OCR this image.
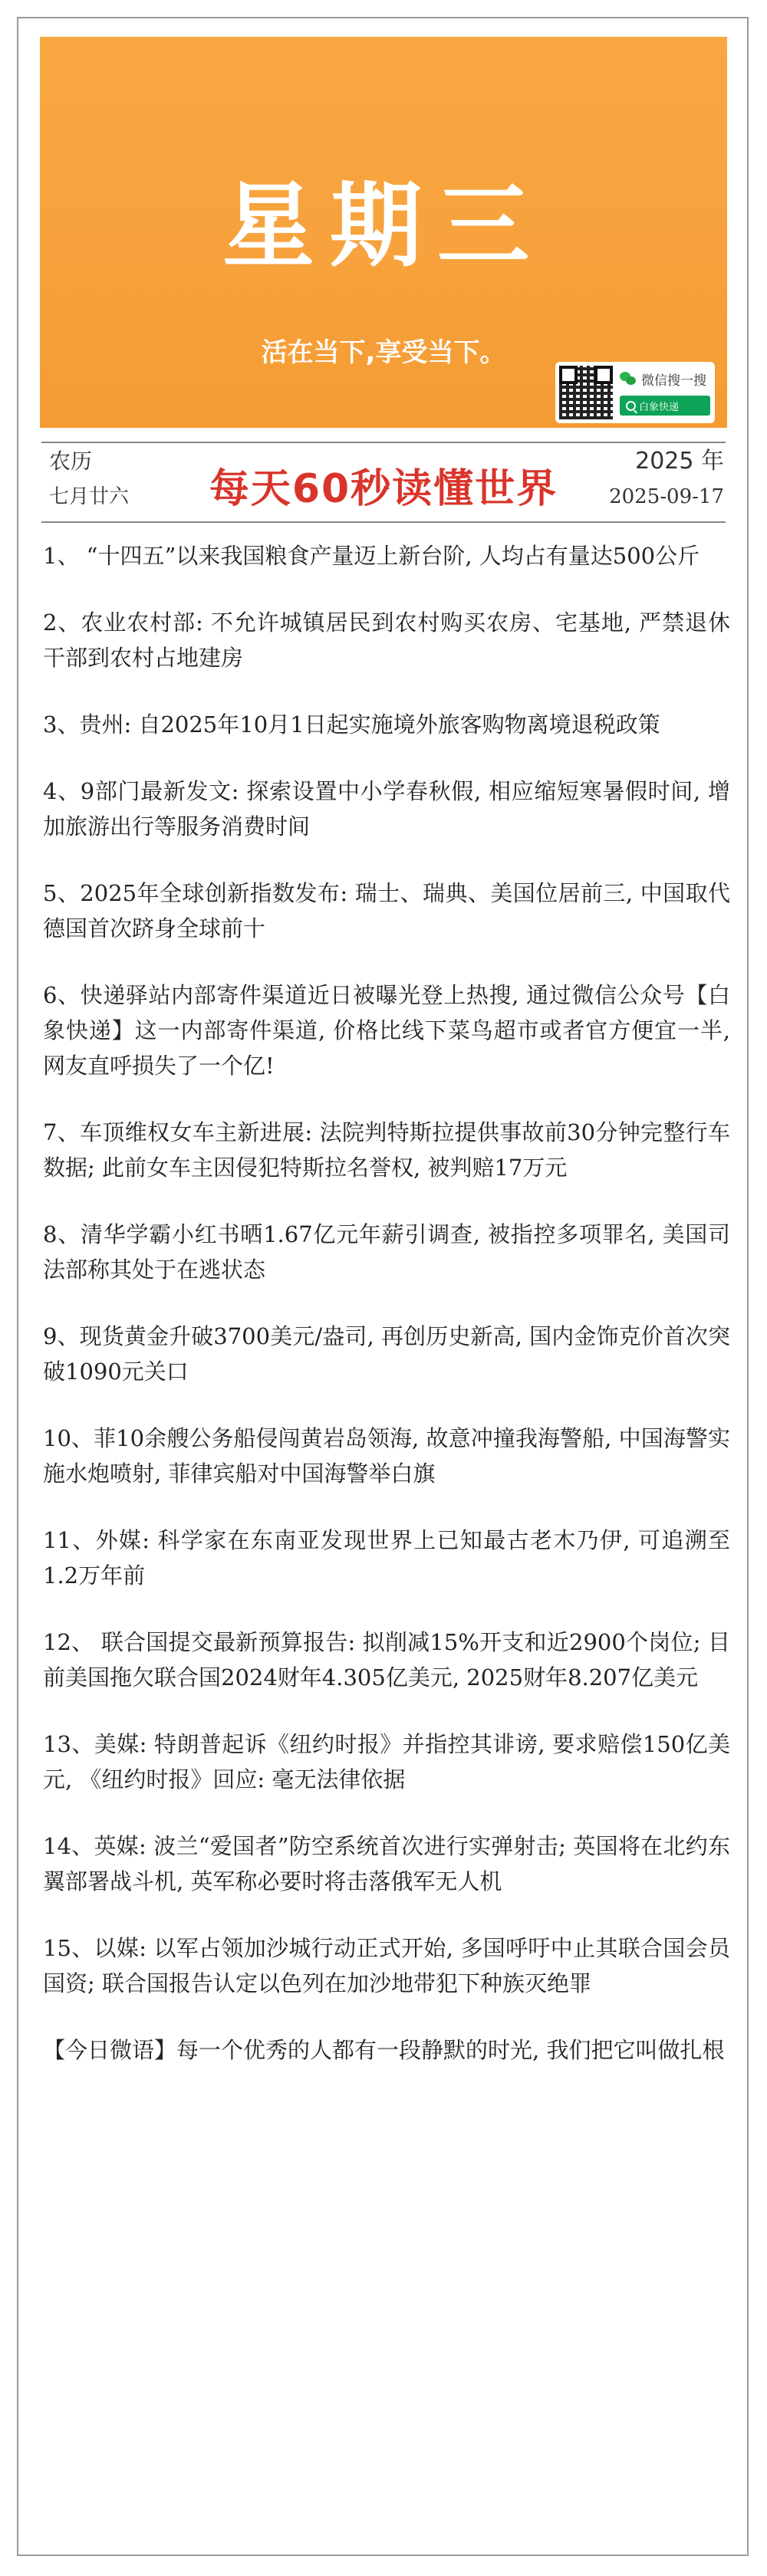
星期三
活在当下,享受当下。
微信搜一搜
白象快递
农历
七月廿六	每天60秒读懂世界
2025 年
2025-09-17

1、 “十四五”以来我国粮食产量迈上新台阶, 人均占有量达500公斤

2、农业农村部: 不允许城镇居民到农村购买农房、宅基地, 严禁退休干部到农村占地建房

3、贵州: 自2025年10月1日起实施境外旅客购物离境退税政策

4、9部门最新发文: 探索设置中小学春秋假, 相应缩短寒暑假时间, 增加旅游出行等服务消费时间

5、2025年全球创新指数发布: 瑞士、瑞典、美国位居前三, 中国取代德国首次跻身全球前十

6、快递驿站内部寄件渠道近日被曝光登上热搜, 通过微信公众号【白象快递】这一内部寄件渠道, 价格比线下菜鸟超市或者官方便宜一半, 网友直呼损失了一个亿!

7、车顶维权女车主新进展: 法院判特斯拉提供事故前30分钟完整行车数据; 此前女车主因侵犯特斯拉名誉权, 被判赔17万元

8、清华学霸小红书晒1.67亿元年薪引调查, 被指控多项罪名, 美国司法部称其处于在逃状态

9、现货黄金升破3700美元/盎司, 再创历史新高, 国内金饰克价首次突破1090元关口

10、菲10余艘公务船侵闯黄岩岛领海, 故意冲撞我海警船, 中国海警实施水炮喷射, 菲律宾船对中国海警举白旗

11、外媒: 科学家在东南亚发现世界上已知最古老木乃伊, 可追溯至1.2万年前

12、 联合国提交最新预算报告: 拟削减15%开支和近2900个岗位; 目前美国拖欠联合国2024财年4.305亿美元, 2025财年8.207亿美元

13、美媒: 特朗普起诉《纽约时报》并指控其诽谤, 要求赔偿150亿美元, 《纽约时报》回应: 毫无法律依据

14、英媒: 波兰“爱国者”防空系统首次进行实弹射击; 英国将在北约东翼部署战斗机, 英军称必要时将击落俄军无人机

15、以媒: 以军占领加沙城行动正式开始, 多国呼吁中止其联合国会员国资; 联合国报告认定以色列在加沙地带犯下种族灭绝罪

【今日微语】每一个优秀的人都有一段静默的时光, 我们把它叫做扎根
